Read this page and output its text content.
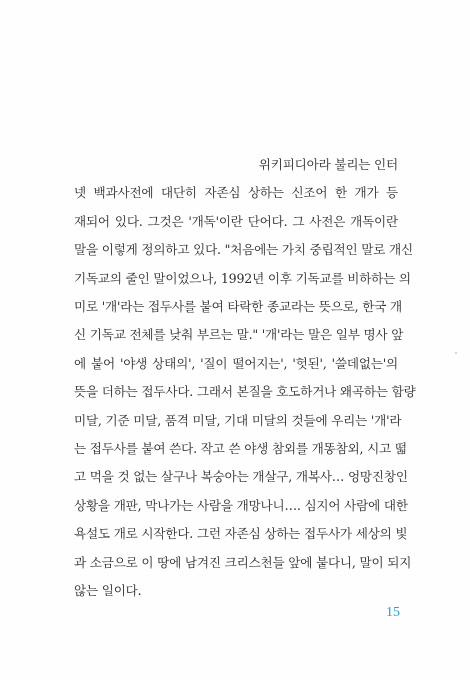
위키피디아라 불리는 인터
넷 백과사전에 대단히 자존심 상하는 신조어 한 개가 등
재되어 있다. 그것은 '개독'이란 단어다. 그 사전은 개독이란
말을 이렇게 정의하고 있다. "처음에는 가치 중립적인 말로 개신
기독교의 줄인 말이었으나, 1992년 이후 기독교를 비하하는 의
미로 '개'라는 접두사를 붙여 타락한 종교라는 뜻으로, 한국 개
신 기독교 전체를 낮춰 부르는 말." '개'라는 말은 일부 명사 앞
에 붙어 '야생 상태의', '질이 떨어지는', '헛된', '쓸데없는'의
뜻을 더하는 접두사다. 그래서 본질을 호도하거나 왜곡하는 함량
미달, 기준 미달, 품격 미달, 기대 미달의 것들에 우리는 '개'라
는 접두사를 붙여 쓴다. 작고 쓴 야생 참외를 개똥참외, 시고 떫
고 먹을 것 없는 살구나 복숭아는 개살구, 개복사… 엉망진창인
상황을 개판, 막나가는 사람을 개망나니…. 심지어 사람에 대한
욕설도 개로 시작한다. 그런 자존심 상하는 접두사가 세상의 빛
과 소금으로 이 땅에 남겨진 크리스천들 앞에 붙다니, 말이 되지
않는 일이다.
15
